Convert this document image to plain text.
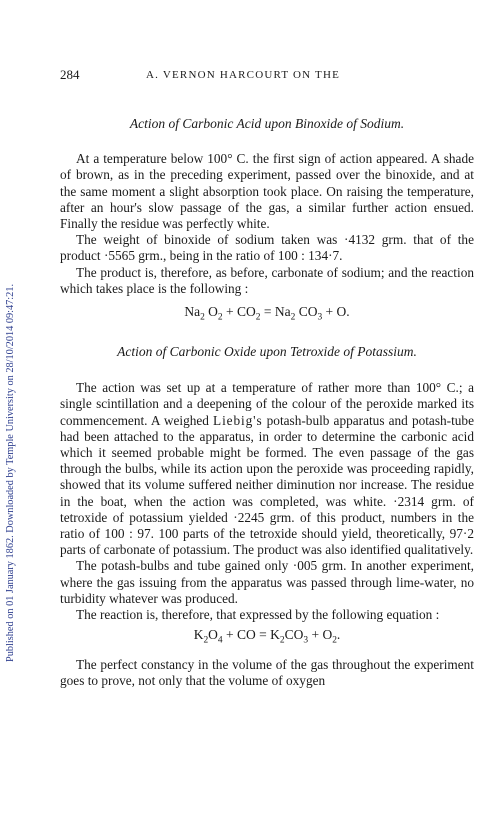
Published on 01 January 1862. Downloaded by Temple University on 28/10/2014 09:47:21.
284	A. VERNON HARCOURT ON THE
Action of Carbonic Acid upon Binoxide of Sodium.

At a temperature below 100° C. the first sign of action appeared. A shade of brown, as in the preceding experiment, passed over the binoxide, and at the same moment a slight absorption took place. On raising the temperature, after an hour's slow passage of the gas, a similar further action ensued. Finally the residue was perfectly white.

The weight of binoxide of sodium taken was ·4132 grm. that of the product ·5565 grm., being in the ratio of 100 : 134·7.

The product is, therefore, as before, carbonate of sodium; and the reaction which takes place is the following :

$Na_2$ $O_2 + CO_2 = Na_2$ $CO_3 + O$.
Action of Carbonic Oxide upon Tetroxide of Potassium.

The action was set up at a temperature of rather more than 100° C.; a single scintillation and a deepening of the colour of the peroxide marked its commencement. A weighed Liebig's potash-bulb apparatus and potash-tube had been attached to the apparatus, in order to determine the carbonic acid which it seemed probable might be formed. The even passage of the gas through the bulbs, while its action upon the peroxide was proceeding rapidly, showed that its volume suffered neither diminution nor increase. The residue in the boat, when the action was completed, was white. ·2314 grm. of tetroxide of potassium yielded ·2245 grm. of this product, numbers in the ratio of 100 : 97. 100 parts of the tetroxide should yield, theoretically, 97·2 parts of carbonate of potassium. The product was also identified qualitatively.

The potash-bulbs and tube gained only ·005 grm. In another experiment, where the gas issuing from the apparatus was passed through lime-water, no turbidity whatever was produced.

The reaction is, therefore, that expressed by the following equation :

$K_2O_4$ + CO = $K_2CO_3 + O_2$.

The perfect constancy in the volume of the gas throughout the experiment goes to prove, not only that the volume of oxygen
